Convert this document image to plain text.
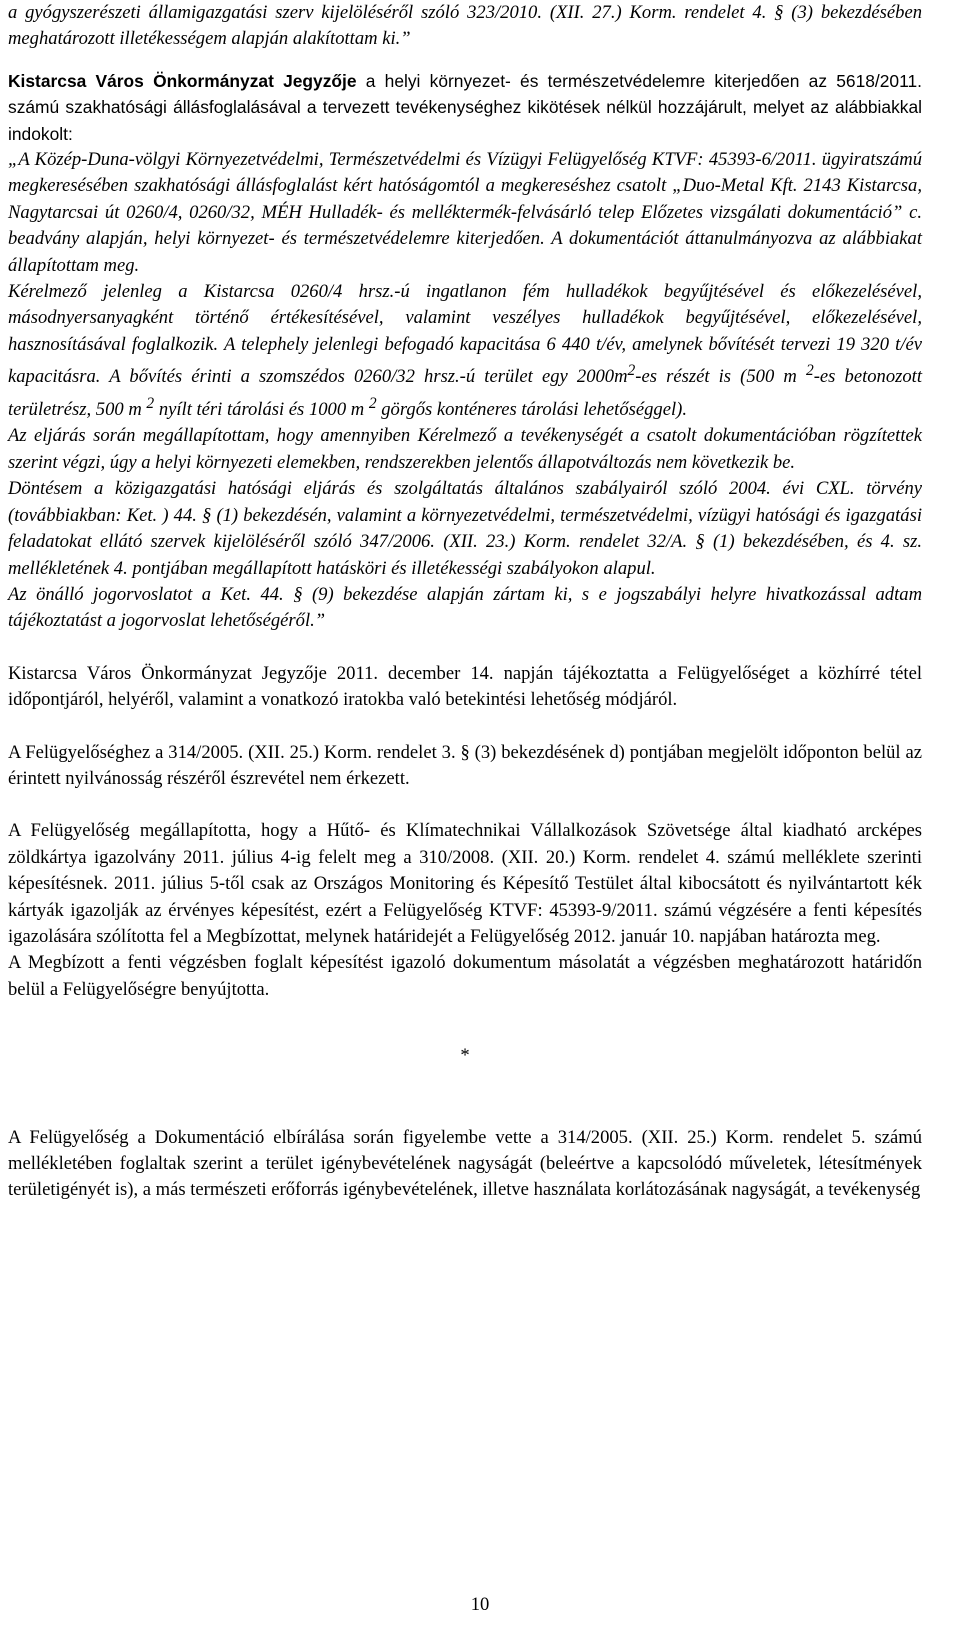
a gyógyszerészeti államigazgatási szerv kijelöléséről szóló 323/2010. (XII. 27.) Korm. rendelet 4. § (3) bekezdésében meghatározott illetékességem alapján alakítottam ki.”

Kistarcsa Város Önkormányzat Jegyzője a helyi környezet- és természetvédelemre kiterjedően az 5618/2011. számú szakhatósági állásfoglalásával a tervezett tevékenységhez kikötések nélkül hozzájárult, melyet az alábbiakkal indokolt:

„A Közép-Duna-völgyi Környezetvédelmi, Természetvédelmi és Vízügyi Felügyelőség KTVF: 45393-6/2011. ügyiratszámú megkeresésében szakhatósági állásfoglalást kért hatóságomtól a megkereséshez csatolt „Duo-Metal Kft. 2143 Kistarcsa, Nagytarcsai út 0260/4, 0260/32, MÉH Hulladék- és melléktermék-felvásárló telep Előzetes vizsgálati dokumentáció” c. beadvány alapján, helyi környezet- és természetvédelemre kiterjedően. A dokumentációt áttanulmányozva az alábbiakat állapítottam meg.

Kérelmező jelenleg a Kistarcsa 0260/4 hrsz.-ú ingatlanon fém hulladékok begyűjtésével és előkezelésével, másodnyersanyagként történő értékesítésével, valamint veszélyes hulladékok begyűjtésével, előkezelésével, hasznosításával foglalkozik. A telephely jelenlegi befogadó kapacitása 6 440 t/év, amelynek bővítését tervezi 19 320 t/év kapacitásra. A bővítés érinti a szomszédos 0260/32 hrsz.-ú terület egy $2000m^2-es$ részét is (500 m $^2$-es betonozott területrész, 500 m $^2$ nyílt téri tárolási és 1000 m $^2$ görgős konténeres tárolási lehetőséggel).

Az eljárás során megállapítottam, hogy amennyiben Kérelmező a tevékenységét a csatolt dokumentációban rögzítettek szerint végzi, úgy a helyi környezeti elemekben, rendszerekben jelentős állapotváltozás nem következik be.

Döntésem a közigazgatási hatósági eljárás és szolgáltatás általános szabályairól szóló 2004. évi CXL. törvény (továbbiakban: Ket. ) 44. § (1) bekezdésén, valamint a környezetvédelmi, természetvédelmi, vízügyi hatósági és igazgatási feladatokat ellátó szervek kijelöléséről szóló 347/2006. (XII. 23.) Korm. rendelet 32/A. § (1) bekezdésében, és 4. sz. mellékletének 4. pontjában megállapított hatásköri és illetékességi szabályokon alapul.

Az önálló jogorvoslatot a Ket. 44. § (9) bekezdése alapján zártam ki, s e jogszabályi helyre hivatkozással adtam tájékoztatást a jogorvoslat lehetőségéről.”

Kistarcsa Város Önkormányzat Jegyzője 2011. december 14. napján tájékoztatta a Felügyelőséget a közhírré tétel időpontjáról, helyéről, valamint a vonatkozó iratokba való betekintési lehetőség módjáról.

A Felügyelőséghez a 314/2005. (XII. 25.) Korm. rendelet 3. § (3) bekezdésének d) pontjában megjelölt időponton belül az érintett nyilvánosság részéről észrevétel nem érkezett.

A Felügyelőség megállapította, hogy a Hűtő- és Klímatechnikai Vállalkozások Szövetsége által kiadható arcképes zöldkártya igazolvány 2011. július 4-ig felelt meg a 310/2008. (XII. 20.) Korm. rendelet 4. számú melléklete szerinti képesítésnek. 2011. július 5-től csak az Országos Monitoring és Képesítő Testület által kibocsátott és nyilvántartott kék kártyák igazolják az érvényes képesítést, ezért a Felügyelőség KTVF: 45393-9/2011. számú végzésére a fenti képesítés igazolására szólította fel a Megbízottat, melynek határidejét a Felügyelőség 2012. január 10. napjában határozta meg.

A Megbízott a fenti végzésben foglalt képesítést igazoló dokumentum másolatát a végzésben meghatározott határidőn belül a Felügyelőségre benyújtotta.

*

A Felügyelőség a Dokumentáció elbírálása során figyelembe vette a 314/2005. (XII. 25.) Korm. rendelet 5. számú mellékletében foglaltak szerint a terület igénybevételének nagyságát (beleértve a kapcsolódó műveletek, létesítmények területigényét is), a más természeti erőforrás igénybevételének, illetve használata korlátozásának nagyságát, a tevékenység

10
